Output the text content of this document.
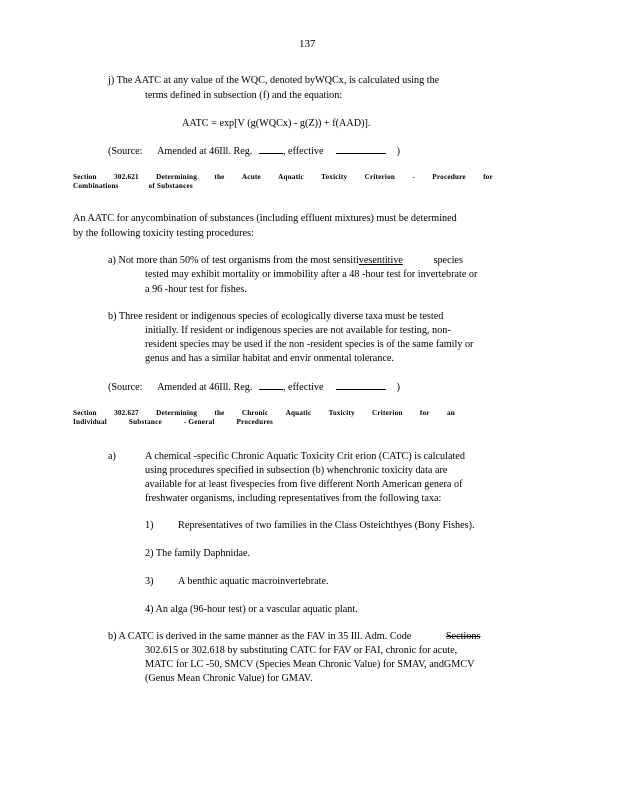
137
j) The AATC at any value of the WQC, denoted byWQCx, is calculated using the
terms defined in subsection (f) and the equation:
AATC = exp[V (g(WQCx) - g(Z)) + f(AAD)].
(Source: Amended at 46Ill. Reg.	, effective	)
Section 302.621 Determining the Acute Aquatic Toxicity Criterion - Procedure for
Combinations	of Substances
An AATC for anycombination of substances (including effluent mixtures) must be determined
by the following toxicity testing procedures:
a) Not more than 50% of test organisms from the most sensitivesentitive	species
tested may exhibit mortality or immobility after a 48 -hour test for invertebrate or
a 96 -hour test for fishes.
b) Three resident or indigenous species of ecologically diverse taxa must be tested
initially. If resident or indigenous species are not available for testing, non-
resident species may be used if the non -resident species is of the same family or
genus and has a similar habitat and envir onmental tolerance.
(Source: Amended at 46Ill. Reg.	, effective	)
Section 302.627 Determining the Chronic Aquatic Toxicity Criterion for an
Individual	Substance	- General	Procedures
a)	A chemical -specific Chronic Aquatic Toxicity Crit erion (CATC) is calculated
using procedures specified in subsection (b) whenchronic toxicity data are
available for at least fivespecies from five different North American genera of
freshwater organisms, including representatives from the following taxa:
1) Representatives of two families in the Class Osteichthyes (Bony Fishes).
2) The family Daphnidae.
3) A benthic aquatic macroinvertebrate.
4) An alga (96-hour test) or a vascular aquatic plant.
b) A CATC is derived in the same manner as the FAV in 35 Ill. Adm. Code	Sections
302.615 or 302.618 by substituting CATC for FAV or FAI, chronic for acute,
MATC for LC -50, SMCV (Species Mean Chronic Value) for SMAV, andGMCV
(Genus Mean Chronic Value) for GMAV.
